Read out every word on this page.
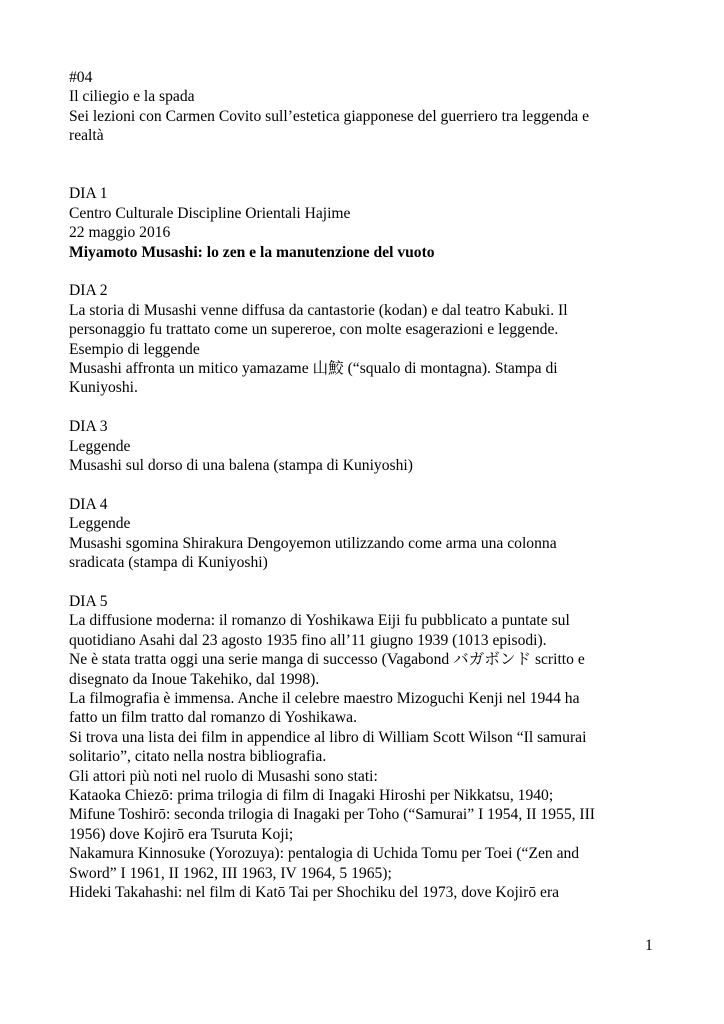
#04
Il ciliegio e la spada
Sei lezioni con Carmen Covito sull’estetica giapponese del guerriero tra leggenda e
realtà
DIA 1
Centro Culturale Discipline Orientali Hajime
22 maggio 2016
Miyamoto Musashi: lo zen e la manutenzione del vuoto
DIA 2
La storia di Musashi venne diffusa da cantastorie (kodan) e dal teatro Kabuki. Il
personaggio fu trattato come un supereroe, con molte esagerazioni e leggende.
Esempio di leggende
Musashi affronta un mitico yamazame 山鮫 (“squalo di montagna). Stampa di
Kuniyoshi.
DIA 3
Leggende
Musashi sul dorso di una balena (stampa di Kuniyoshi)
DIA 4
Leggende
Musashi sgomina Shirakura Dengoyemon utilizzando come arma una colonna
sradicata (stampa di Kuniyoshi)
DIA 5
La diffusione moderna: il romanzo di Yoshikawa Eiji fu pubblicato a puntate sul
quotidiano Asahi dal 23 agosto 1935 fino all’11 giugno 1939 (1013 episodi).
Ne è stata tratta oggi una serie manga di successo (Vagabond バガボンド scritto e
disegnato da Inoue Takehiko, dal 1998).
La filmografia è immensa. Anche il celebre maestro Mizoguchi Kenji nel 1944 ha
fatto un film tratto dal romanzo di Yoshikawa.
Si trova una lista dei film in appendice al libro di William Scott Wilson “Il samurai
solitario”, citato nella nostra bibliografia.
Gli attori più noti nel ruolo di Musashi sono stati:
Kataoka Chiezō: prima trilogia di film di Inagaki Hiroshi per Nikkatsu, 1940;
Mifune Toshirō: seconda trilogia di Inagaki per Toho (“Samurai” I 1954, II 1955, III
1956) dove Kojirō era Tsuruta Koji;
Nakamura Kinnosuke (Yorozuya): pentalogia di Uchida Tomu per Toei (“Zen and
Sword” I 1961, II 1962, III 1963, IV 1964, 5 1965);
Hideki Takahashi: nel film di Katō Tai per Shochiku del 1973, dove Kojirō era
1
